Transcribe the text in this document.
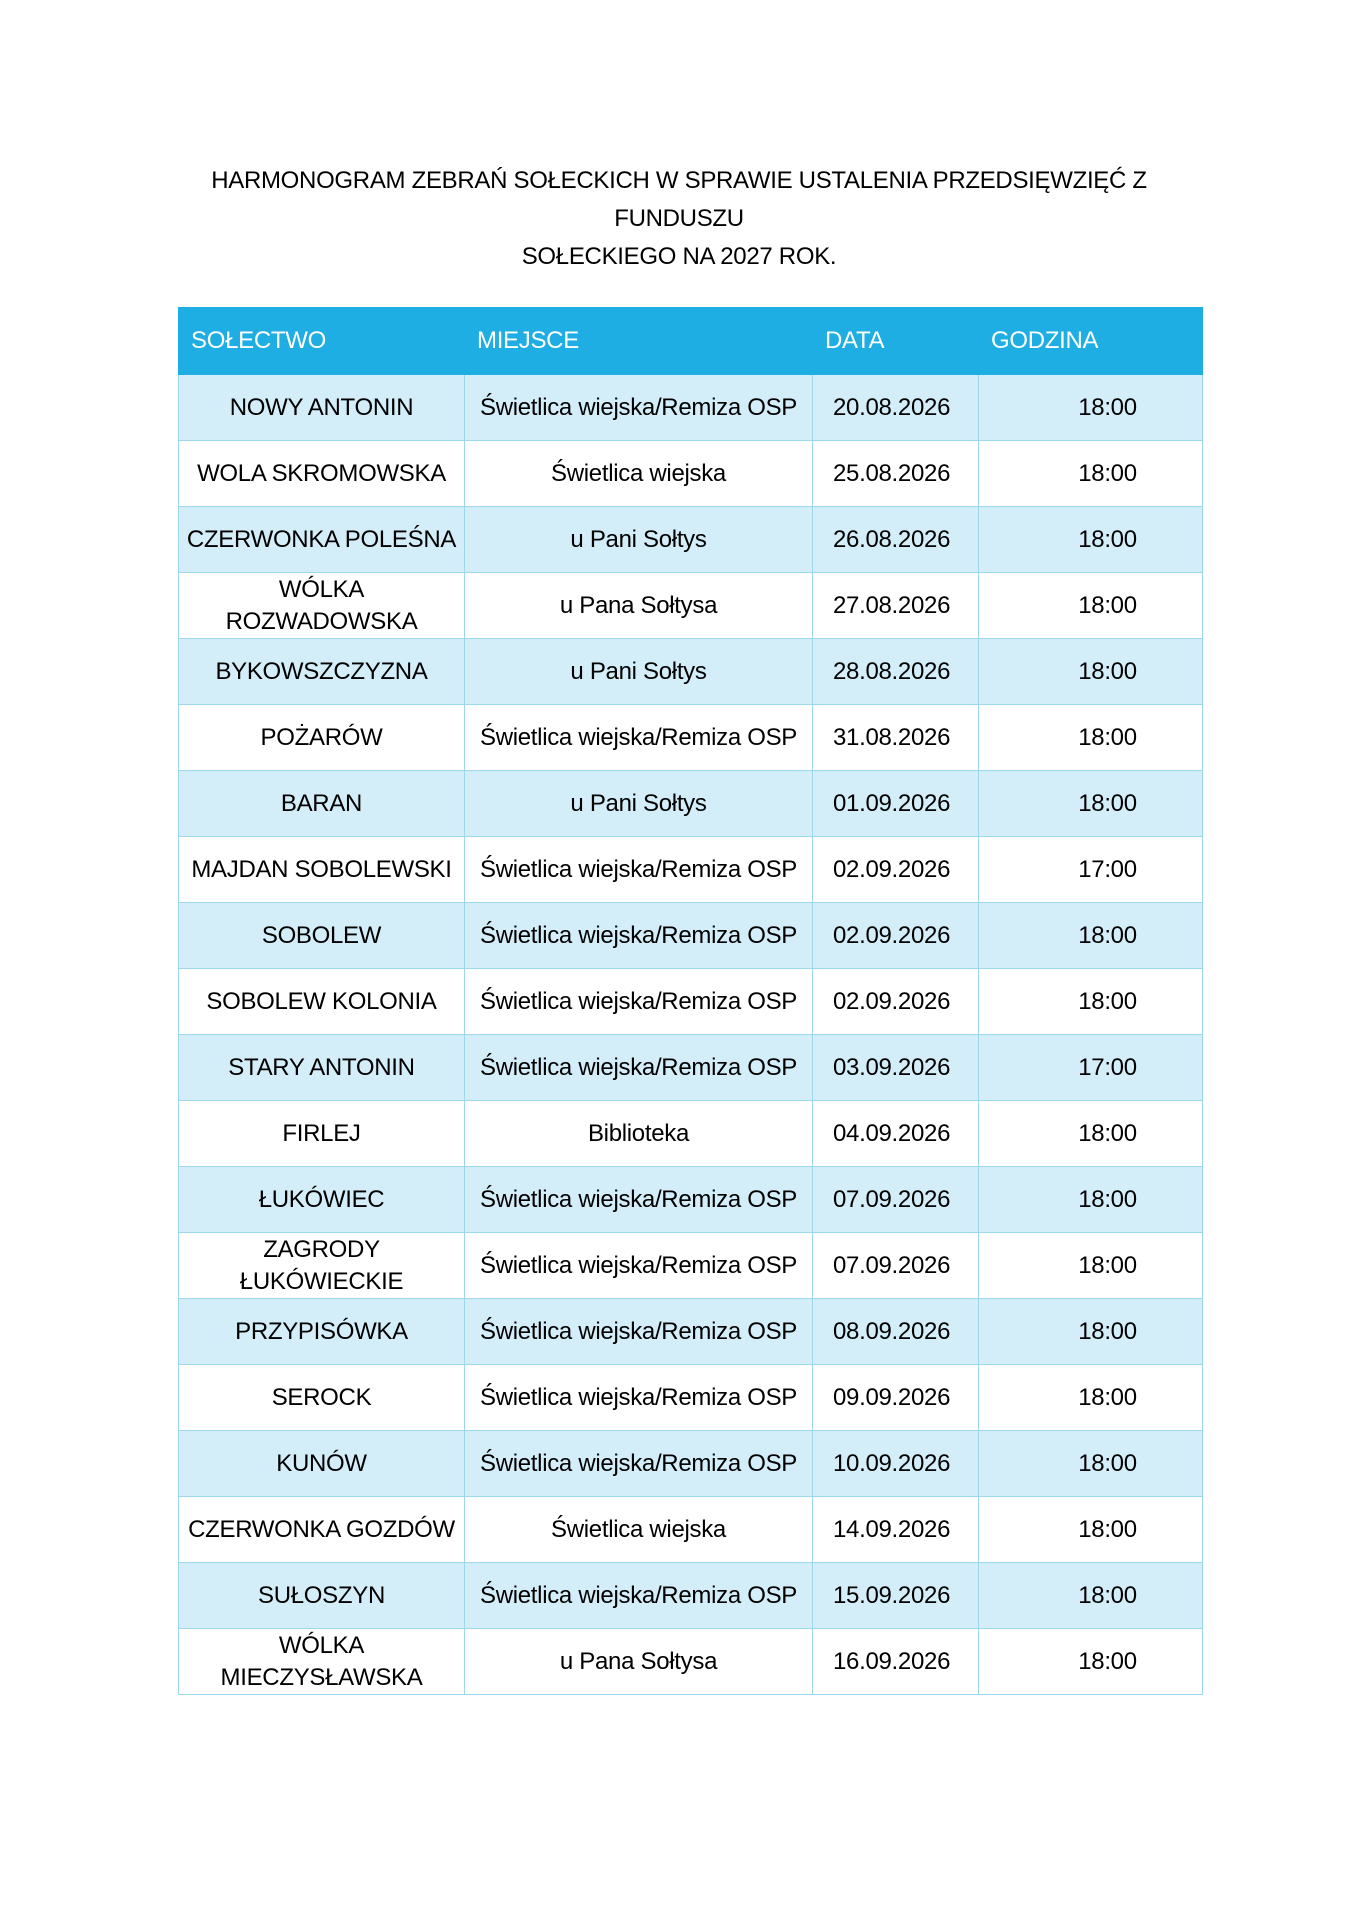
HARMONOGRAM ZEBRAŃ SOŁECKICH W SPRAWIE USTALENIA PRZEDSIĘWZIĘĆ Z FUNDUSZU
SOŁECKIEGO NA 2027 ROK.
SOŁECTWO	MIEJSCE	DATA	GODZINA
NOWY ANTONIN	Świetlica wiejska/Remiza OSP	20.08.2026	18:00
WOLA SKROMOWSKA	Świetlica wiejska	25.08.2026	18:00
CZERWONKA POLEŚNA	u Pani Sołtys	26.08.2026	18:00
WÓLKA ROZWADOWSKA	u Pana Sołtysa	27.08.2026	18:00
BYKOWSZCZYZNA	u Pani Sołtys	28.08.2026	18:00
POŻARÓW	Świetlica wiejska/Remiza OSP	31.08.2026	18:00
BARAN	u Pani Sołtys	01.09.2026	18:00
MAJDAN SOBOLEWSKI	Świetlica wiejska/Remiza OSP	02.09.2026	17:00
SOBOLEW	Świetlica wiejska/Remiza OSP	02.09.2026	18:00
SOBOLEW KOLONIA	Świetlica wiejska/Remiza OSP	02.09.2026	18:00
STARY ANTONIN	Świetlica wiejska/Remiza OSP	03.09.2026	17:00
FIRLEJ	Biblioteka	04.09.2026	18:00
ŁUKÓWIEC	Świetlica wiejska/Remiza OSP	07.09.2026	18:00
ZAGRODY ŁUKÓWIECKIE	Świetlica wiejska/Remiza OSP	07.09.2026	18:00
PRZYPISÓWKA	Świetlica wiejska/Remiza OSP	08.09.2026	18:00
SEROCK	Świetlica wiejska/Remiza OSP	09.09.2026	18:00
KUNÓW	Świetlica wiejska/Remiza OSP	10.09.2026	18:00
CZERWONKA GOZDÓW	Świetlica wiejska	14.09.2026	18:00
SUŁOSZYN	Świetlica wiejska/Remiza OSP	15.09.2026	18:00
WÓLKA MIECZYSŁAWSKA	u Pana Sołtysa	16.09.2026	18:00
